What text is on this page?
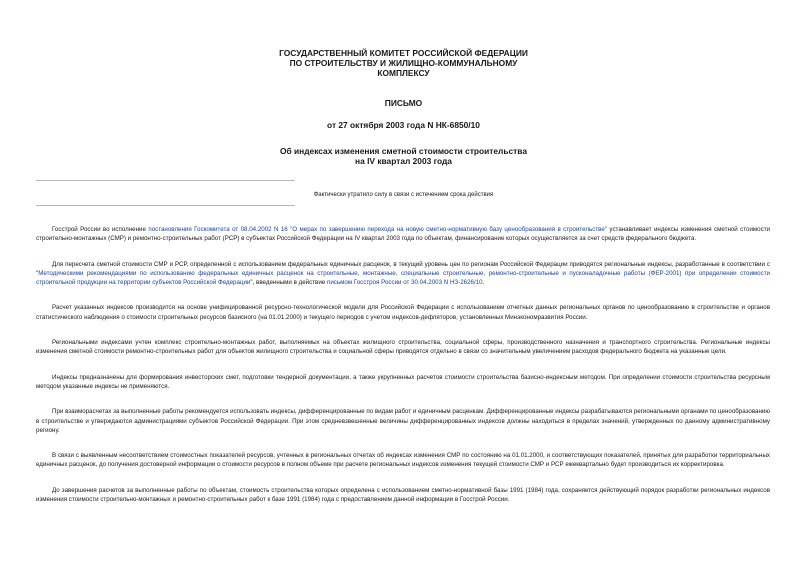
ГОСУДАРСТВЕННЫЙ КОМИТЕТ РОССИЙСКОЙ ФЕДЕРАЦИИ
ПО СТРОИТЕЛЬСТВУ И ЖИЛИЩНО-КОММУНАЛЬНОМУ
КОМПЛЕКСУ
ПИСЬМО
от 27 октября 2003 года N НК-6850/10
Об индексах изменения сметной стоимости строительства
на IV квартал 2003 года
Фактически утратило силу в связи с истечением срока действия

Госстрой России во исполнение постановления Госкомитета от 08.04.2002 N 16 "О мерах по завершению перехода на новую сметно-нормативную базу ценообразования в строительстве" устанавливает индексы изменения сметной стоимости строительно-монтажных (СМР) и ремонтно-строительных работ (РСР) в субъектах Российской Федерации на IV квартал 2003 года по объектам, финансирование которых осуществляется за счет средств федерального бюджета.

Для пересчета сметной стоимости СМР и РСР, определенной с использованием федеральных единичных расценок, в текущий уровень цен по регионам Российской Федерации приводятся региональные индексы, разработанные в соответствии с "Методическими рекомендациями по использованию федеральных единичных расценок на строительные, монтажные, специальные строительные, ремонтно-строительные и пусконаладочные работы (ФЕР-2001) при определении стоимости строительной продукции на территории субъектов Российской Федерации", введенными в действие письмом Госстроя России от 30.04.2003 N НЗ-2626/10.

Расчет указанных индексов производится на основе унифицированной ресурсно-технологической модели для Российской Федерации с использованием отчетных данных региональных органов по ценообразованию в строительстве и органов статистического наблюдения о стоимости строительных ресурсов базисного (на 01.01.2000) и текущего периодов с учетом индексов-дефляторов, установленных Минэкономразвития России.

Региональными индексами учтен комплекс строительно-монтажных работ, выполняемых на объектах жилищного строительства, социальной сферы, производственного назначения и транспортного строительства. Региональные индексы изменения сметной стоимости ремонтно-строительных работ для объектов жилищного строительства и социальной сферы приводятся отдельно в связи со значительным увеличением расходов федерального бюджета на указанные цели.

Индексы предназначены для формирования инвесторских смет, подготовки тендерной документации, а также укрупненных расчетов стоимости строительства базисно-индексным методом. При определении стоимости строительства ресурсным методом указанные индексы не применяются.

При взаиморасчетах за выполненные работы рекомендуется использовать индексы, дифференцированные по видам работ и единичным расценкам. Дифференцированные индексы разрабатываются региональными органами по ценообразованию в строительстве и утверждаются администрациями субъектов Российской Федерации. При этом средневзвешенные величины дифференцированных индексов должны находиться в пределах значений, утвержденных по данному административному региону.

В связи с выявленным несоответствием стоимостных показателей ресурсов, учтенных в региональных отчетах об индексах изменения СМР по состоянию на 01.01.2000, и соответствующих показателей, принятых для разработки территориальных единичных расценок, до получения достоверной информации о стоимости ресурсов в полном объеме при расчете региональных индексов изменения текущей стоимости СМР и РСР ежеквартально будет производиться их корректировка.

До завершения расчетов за выполненные работы по объектам, стоимость строительства которых определена с использованием сметно-нормативной базы 1991 (1984) года, сохраняется действующий порядок разработки региональных индексов изменения стоимости строительно-монтажных и ремонтно-строительных работ к базе 1991 (1984) года с предоставлением данной информации в Госстрой России.
